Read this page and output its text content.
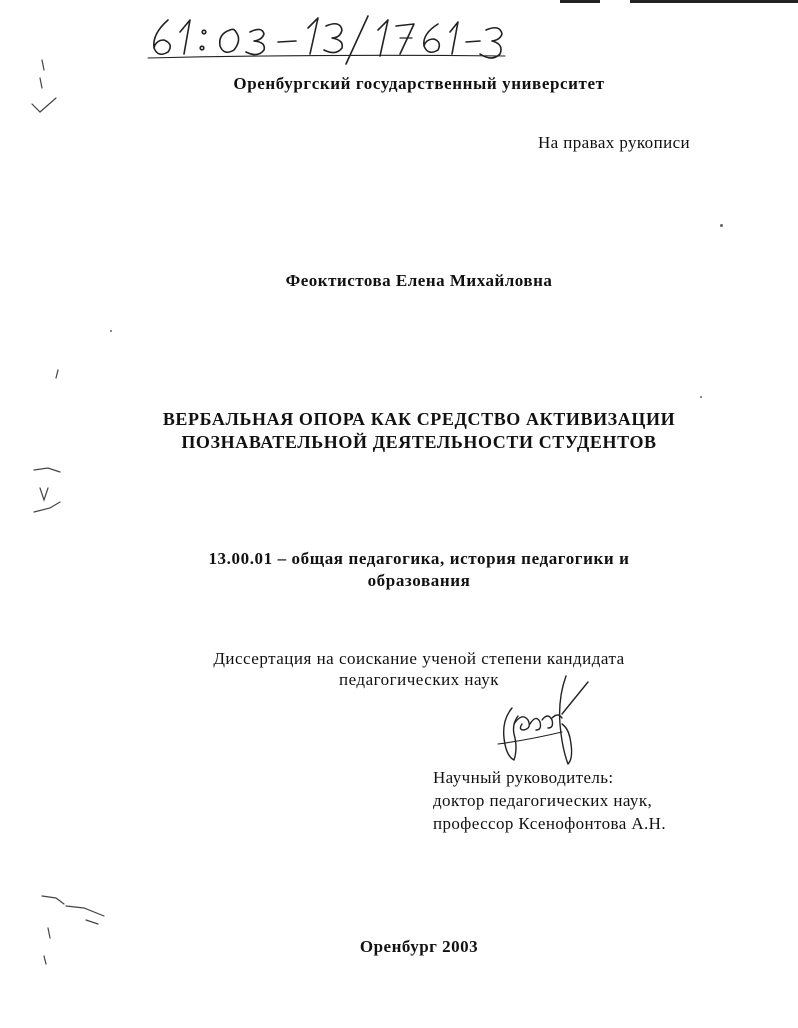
Оренбургский государственный университет
На правах рукописи
Феоктистова Елена Михайловна
ВЕРБАЛЬНАЯ ОПОРА КАК СРЕДСТВО АКТИВИЗАЦИИ
ПОЗНАВАТЕЛЬНОЙ ДЕЯТЕЛЬНОСТИ СТУДЕНТОВ
13.00.01 – общая педагогика, история педагогики и
образования
Диссертация на соискание ученой степени кандидата
педагогических наук
Научный руководитель:
доктор педагогических наук,
профессор Ксенофонтова А.Н.
Оренбург 2003
